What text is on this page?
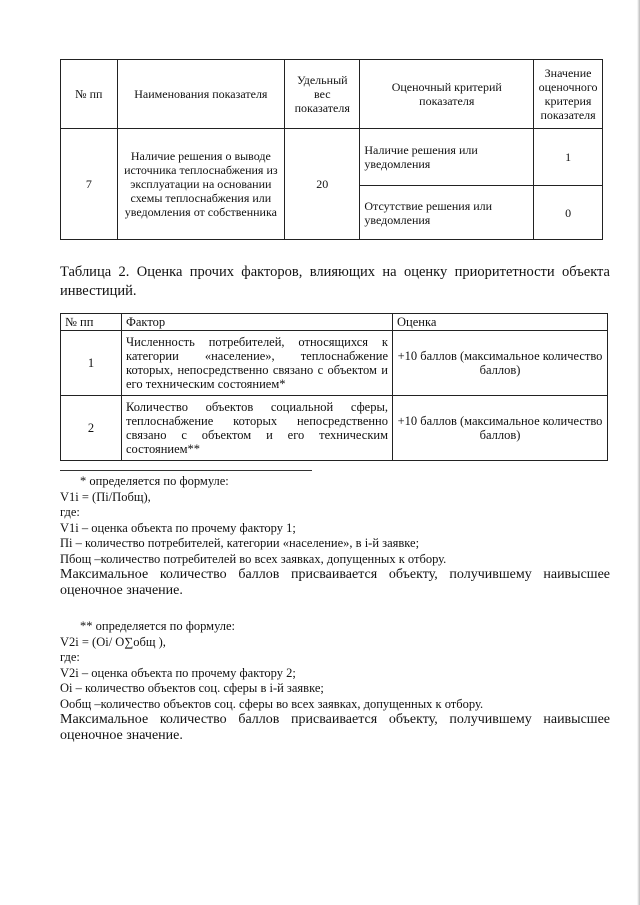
№ пп	Наименования показателя	Удельный вес показателя	Оценочный критерий показателя	Значение оценочного критерия показателя
7	Наличие решения о выводе источника теплоснабжения из эксплуатации на основании схемы теплоснабжения или уведомления от собственника	20	Наличие решения или уведомления	1
			Отсутствие решения или уведомления	0
Таблица 2. Оценка прочих факторов, влияющих на оценку приоритетности объекта инвестиций.
№ пп	Фактор	Оценка
1	Численность потребителей, относящихся к категории «население», теплоснабжение которых, непосредственно связано с объектом и его техническим состоянием*	+10 баллов (максимальное количество баллов)
2	Количество объектов социальной сферы, теплоснабжение которых непосредственно связано с объектом и его техническим состоянием**	+10 баллов (максимальное количество баллов)

* определяется по формуле:

V1i = (Пi/Побщ),

где:

V1i – оценка объекта по прочему фактору 1;

Пi – количество потребителей, категории «население», в i-й заявке;

Пбощ –количество потребителей во всех заявках, допущенных к отбору.

Максимальное количество баллов присваивается объекту, получившему наивысшее оценочное значение.

** определяется по формуле:

V2i = (Oi/ O∑общ ),

где:

V2i – оценка объекта по прочему фактору 2;

Oi – количество объектов соц. сферы в i-й заявке;

Ообщ –количество объектов соц. сферы во всех заявках, допущенных к отбору.

Максимальное количество баллов присваивается объекту, получившему наивысшее оценочное значение.
